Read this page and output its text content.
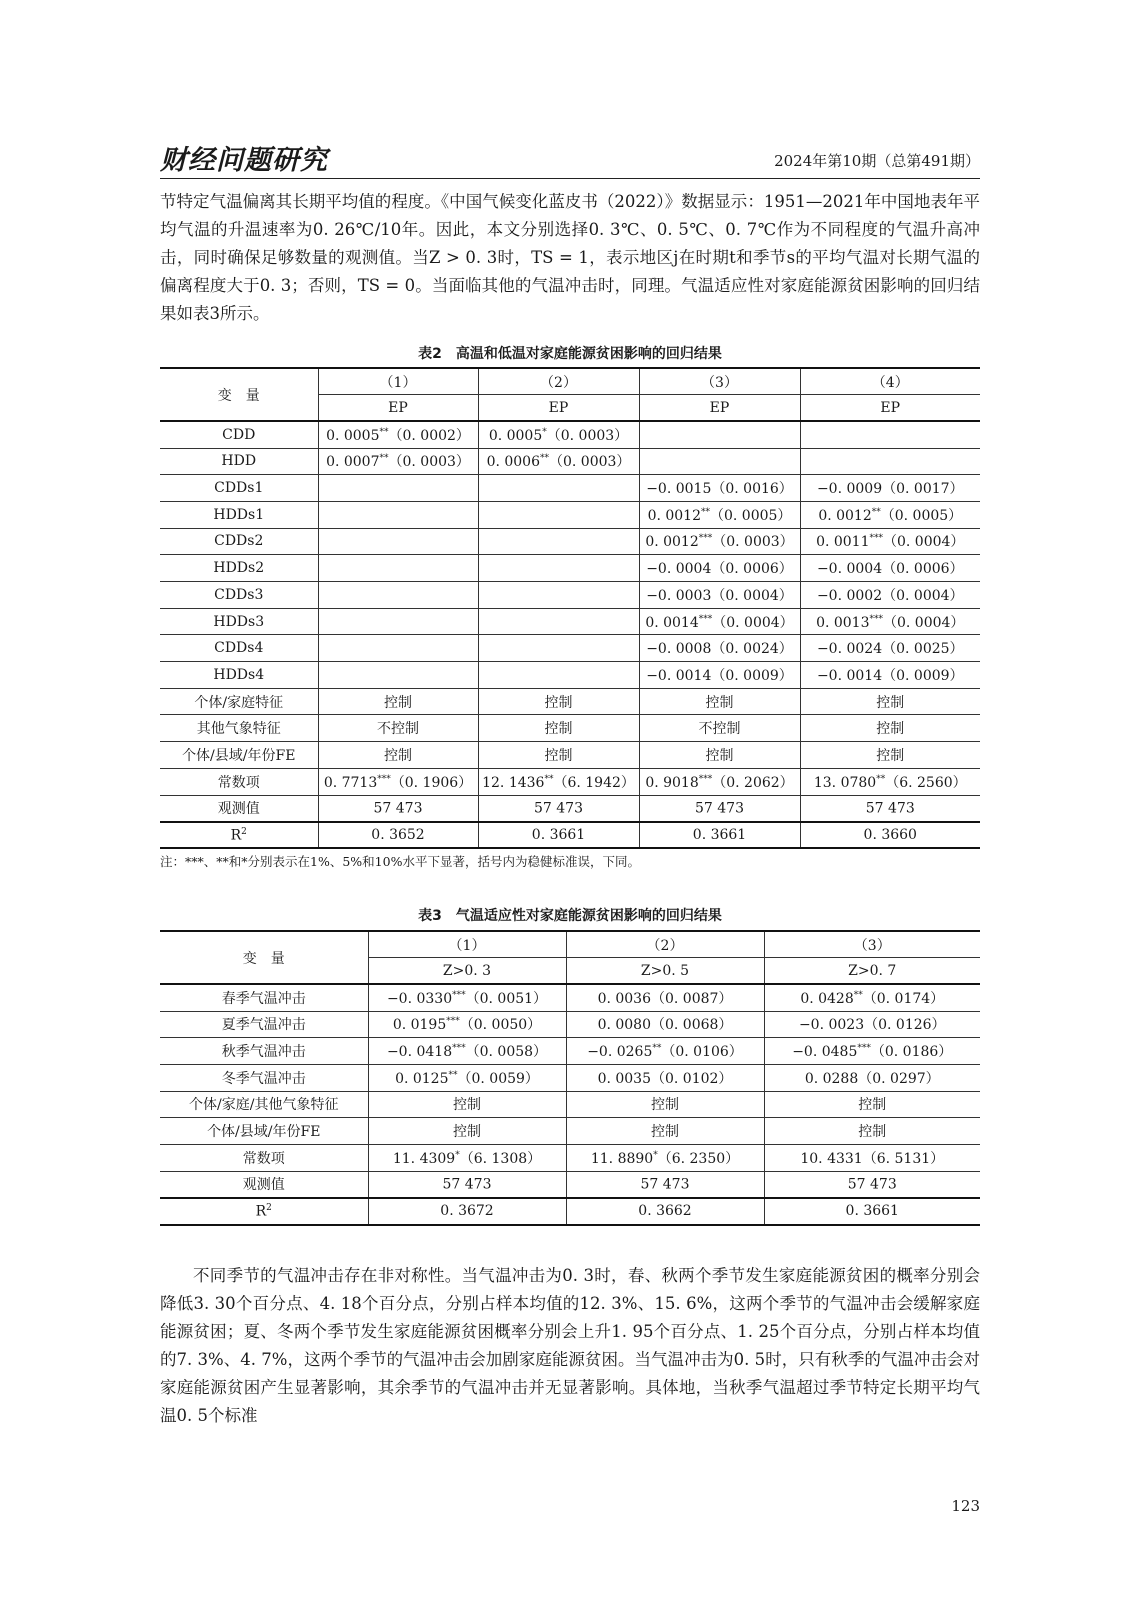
财经问题研究	2024年第10期（总第491期）

节特定气温偏离其长期平均值的程度。《中国气候变化蓝皮书（2022）》数据显示：1951—2021年中国地表年平均气温的升温速率为0. 26℃/10年。因此，本文分别选择0. 3℃、0. 5℃、0. 7℃作为不同程度的气温升高冲击，同时确保足够数量的观测值。当Z > 0. 3时，TS = 1，表示地区j在时期t和季节s的平均气温对长期气温的偏离程度大于0. 3；否则，TS = 0。当面临其他的气温冲击时，同理。气温适应性对家庭能源贫困影响的回归结果如表3所示。

表2　高温和低温对家庭能源贫困影响的回归结果
变　量	（1）	（2）	（3）	（4）
	EP	EP	EP	EP
CDD	0. 0005**（0. 0002）	0. 0005*（0. 0003）		
HDD	0. 0007**（0. 0003）	0. 0006**（0. 0003）		
CDDs1			−0. 0015（0. 0016）	−0. 0009（0. 0017）
HDDs1			0. 0012**（0. 0005）	0. 0012**（0. 0005）
CDDs2			0. 0012***（0. 0003）	0. 0011***（0. 0004）
HDDs2			−0. 0004（0. 0006）	−0. 0004（0. 0006）
CDDs3			−0. 0003（0. 0004）	−0. 0002（0. 0004）
HDDs3			0. 0014***（0. 0004）	0. 0013***（0. 0004）
CDDs4			−0. 0008（0. 0024）	−0. 0024（0. 0025）
HDDs4			−0. 0014（0. 0009）	−0. 0014（0. 0009）
个体/家庭特征	控制	控制	控制	控制
其他气象特征	不控制	控制	不控制	控制
个体/县域/年份FE	控制	控制	控制	控制
常数项	0. 7713***（0. 1906）	12. 1436**（6. 1942）	0. 9018***（0. 2062）	13. 0780**（6. 2560）
观测值	57 473	57 473	57 473	57 473
$R^2$	0. 3652	0. 3661	0. 3661	0. 3660
注：***、**和*分别表示在1%、5%和10%水平下显著，括号内为稳健标准误，下同。
表3　气温适应性对家庭能源贫困影响的回归结果
变　量	（1）	（2）	（3）
	Z>0. 3	Z>0. 5	Z>0. 7
春季气温冲击	−0. 0330***（0. 0051）	0. 0036（0. 0087）	0. 0428**（0. 0174）
夏季气温冲击	0. 0195***（0. 0050）	0. 0080（0. 0068）	−0. 0023（0. 0126）
秋季气温冲击	−0. 0418***（0. 0058）	−0. 0265**（0. 0106）	−0. 0485***（0. 0186）
冬季气温冲击	0. 0125**（0. 0059）	0. 0035（0. 0102）	0. 0288（0. 0297）
个体/家庭/其他气象特征	控制	控制	控制
个体/县域/年份FE	控制	控制	控制
常数项	11. 4309*（6. 1308）	11. 8890*（6. 2350）	10. 4331（6. 5131）
观测值	57 473	57 473	57 473
$R^2$	0. 3672	0. 3662	0. 3661

不同季节的气温冲击存在非对称性。当气温冲击为0. 3时，春、秋两个季节发生家庭能源贫困的概率分别会降低3. 30个百分点、4. 18个百分点，分别占样本均值的12. 3%、15. 6%，这两个季节的气温冲击会缓解家庭能源贫困；夏、冬两个季节发生家庭能源贫困概率分别会上升1. 95个百分点、1. 25个百分点，分别占样本均值的7. 3%、4. 7%，这两个季节的气温冲击会加剧家庭能源贫困。当气温冲击为0. 5时，只有秋季的气温冲击会对家庭能源贫困产生显著影响，其余季节的气温冲击并无显著影响。具体地，当秋季气温超过季节特定长期平均气温0. 5个标准

123
